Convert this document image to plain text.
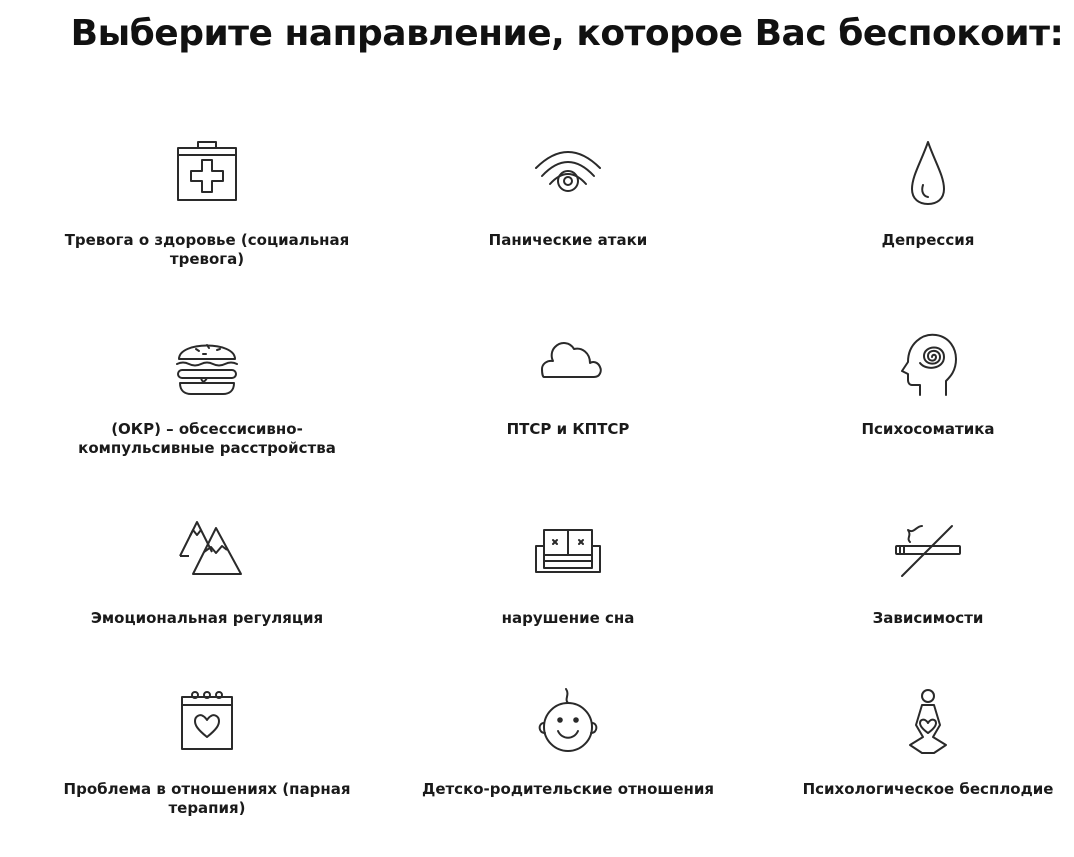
Выберите направление, которое Вас беспокоит:
Тревога о здоровье (социальная тревога)
Панические атаки	Депрессия
(ОКР) – обсессисивно-компульсивные расстройства
ПТСР и КПТСР	Психосоматика
Эмоциональная регуляция	нарушение сна	Зависимости
Проблема в отношениях (парная терапия)
Детско-родительские отношения	Психологическое бесплодие
